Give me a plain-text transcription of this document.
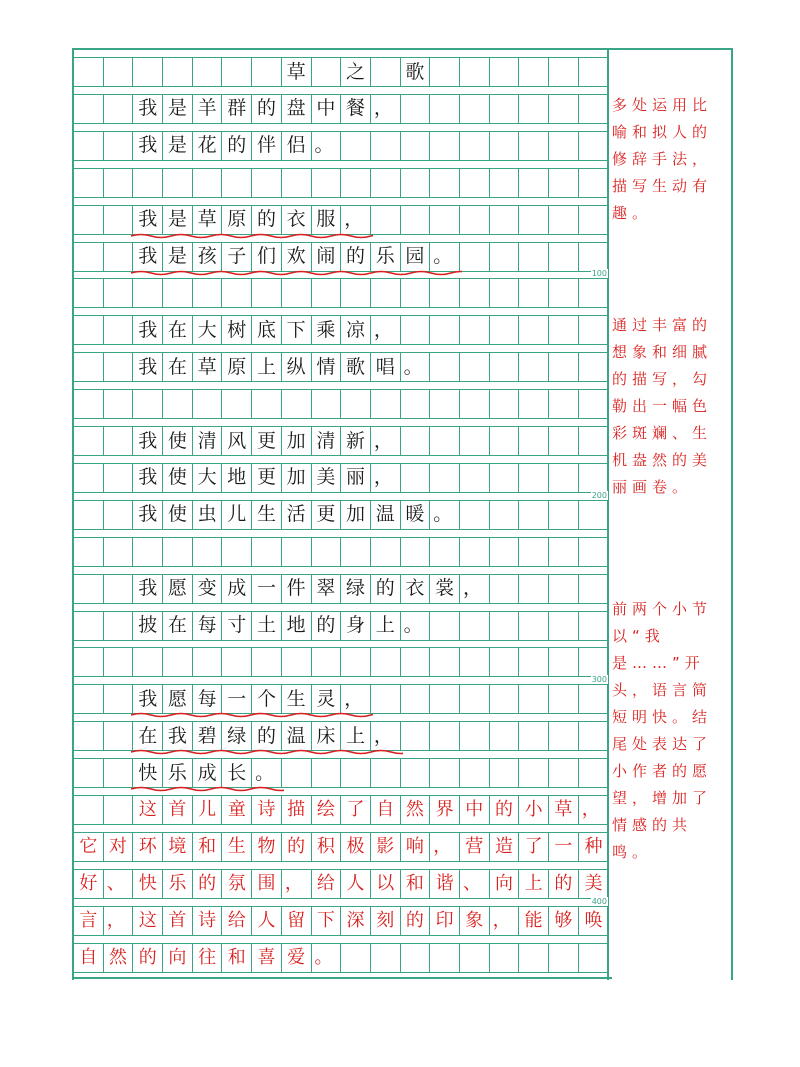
草	之	歌
我 是 羊 群 的 盘 中 餐 ，
我 是 花 的 伴 侣 。
我 是 草 原 的 衣 服 ，
我 是 孩 子 们 欢 闹 的 乐 园 。
我 在 大 树 底 下 乘 凉 ，
我 在 草 原 上 纵 情 歌 唱 。
我 使 清 风 更 加 清 新 ，
我 使 大 地 更 加 美 丽 ，
我 使 虫 儿 生 活 更 加 温 暖 。
我 愿 变 成 一 件 翠 绿 的 衣 裳 ，
披 在 每 寸 土 地 的 身 上 。
我 愿 每 一 个 生 灵 ，
在 我 碧 绿 的 温 床 上 ，
快 乐 成 长 。
这 首 儿 童 诗 描 绘 了 自 然 界 中 的 小 草 ，
它 对 环 境 和 生 物 的 积 极 影 响 ， 营 造 了 一 种
好 、 快 乐 的 氛 围 ， 给 人 以 和 谐 、 向 上 的 美
言 ， 这 首 诗 给 人 留 下 深 刻 的 印 象 ， 能 够 唤
自 然 的 向 往 和 喜 爱 。
100
200
300
400
多处运用比喻和拟人的修辞手法，描写生动有趣。
通过丰富的想象和细腻的描写，勾勒出一幅色彩斑斓、生机盎然的美丽画卷。
前两个小节以“我是……”开头，语言简短明快。结尾处表达了小作者的愿望，增加了情感的共鸣。
